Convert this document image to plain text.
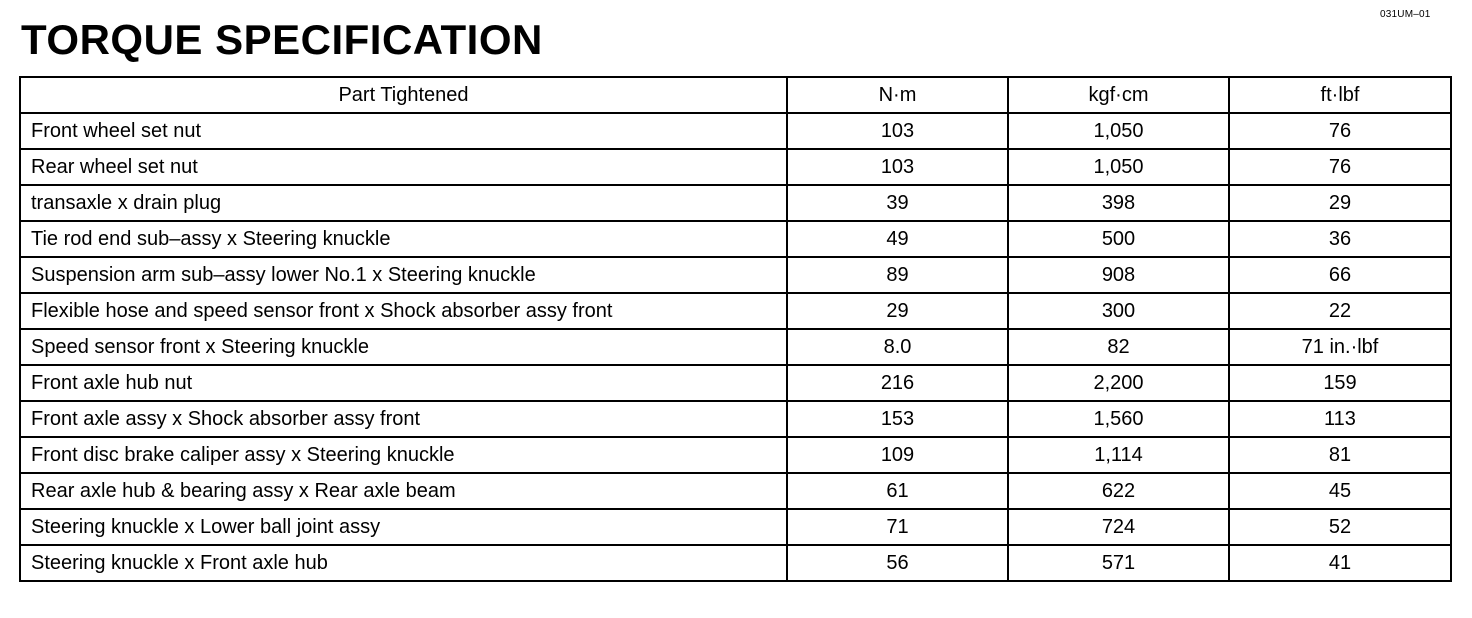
031UM–01
TORQUE SPECIFICATION
Part Tightened	N·m	kgf·cm	ft·lbf
Front wheel set nut	103	1,050	76
Rear wheel set nut	103	1,050	76
transaxle x drain plug	39	398	29
Tie rod end sub–assy x Steering knuckle	49	500	36
Suspension arm sub–assy lower No.1 x Steering knuckle	89	908	66
Flexible hose and speed sensor front x Shock absorber assy front	29	300	22
Speed sensor front x Steering knuckle	8.0	82	71 in.·lbf
Front axle hub nut	216	2,200	159
Front axle assy x Shock absorber assy front	153	1,560	113
Front disc brake caliper assy x Steering knuckle	109	1,114	81
Rear axle hub & bearing assy x Rear axle beam	61	622	45
Steering knuckle x Lower ball joint assy	71	724	52
Steering knuckle x Front axle hub	56	571	41
